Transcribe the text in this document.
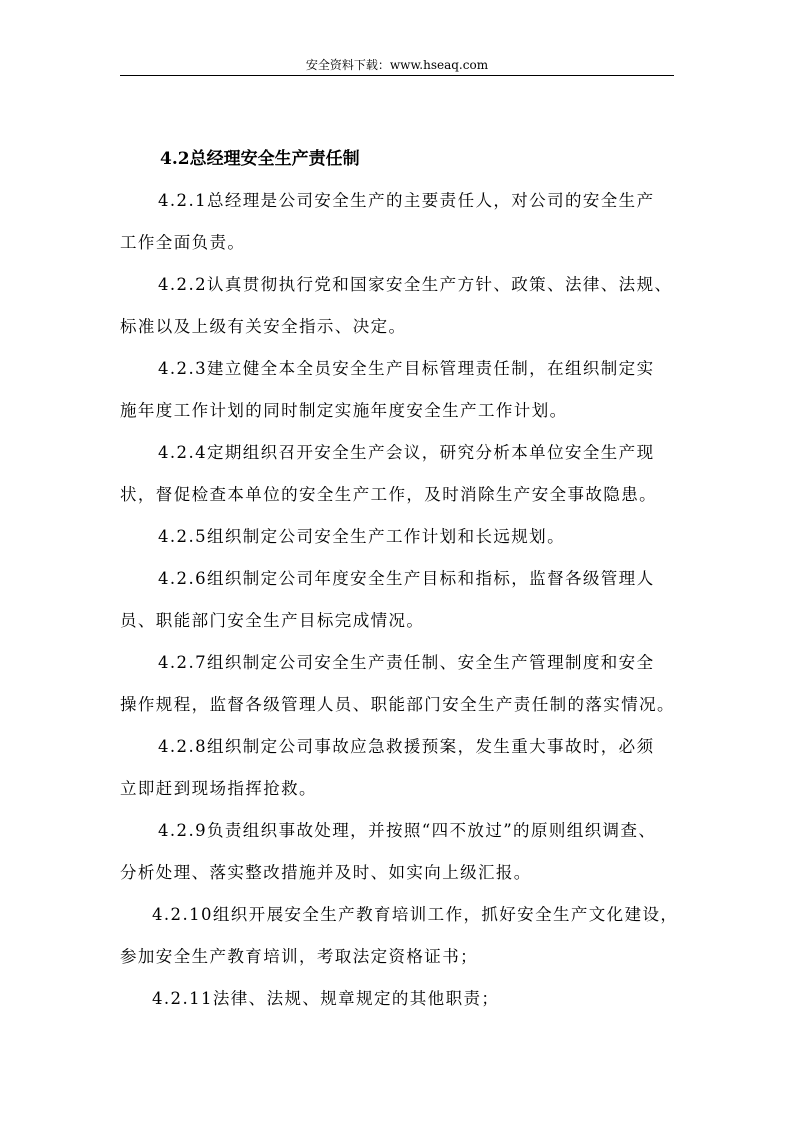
安全资料下载：www.hseaq.com
4.2总经理安全生产责任制
4.2.1总经理是公司安全生产的主要责任人，对公司的安全生产
工作全面负责。
4.2.2认真贯彻执行党和国家安全生产方针、政策、法律、法规、
标准以及上级有关安全指示、决定。
4.2.3建立健全本全员安全生产目标管理责任制，在组织制定实
施年度工作计划的同时制定实施年度安全生产工作计划。
4.2.4定期组织召开安全生产会议，研究分析本单位安全生产现
状，督促检查本单位的安全生产工作，及时消除生产安全事故隐患。
4.2.5组织制定公司安全生产工作计划和长远规划。
4.2.6组织制定公司年度安全生产目标和指标，监督各级管理人
员、职能部门安全生产目标完成情况。
4.2.7组织制定公司安全生产责任制、安全生产管理制度和安全
操作规程，监督各级管理人员、职能部门安全生产责任制的落实情况。
4.2.8组织制定公司事故应急救援预案，发生重大事故时，必须
立即赶到现场指挥抢救。
4.2.9负责组织事故处理，并按照“四不放过”的原则组织调查、
分析处理、落实整改措施并及时、如实向上级汇报。
4.2.10组织开展安全生产教育培训工作，抓好安全生产文化建设，
参加安全生产教育培训，考取法定资格证书；
4.2.11法律、法规、规章规定的其他职责；
